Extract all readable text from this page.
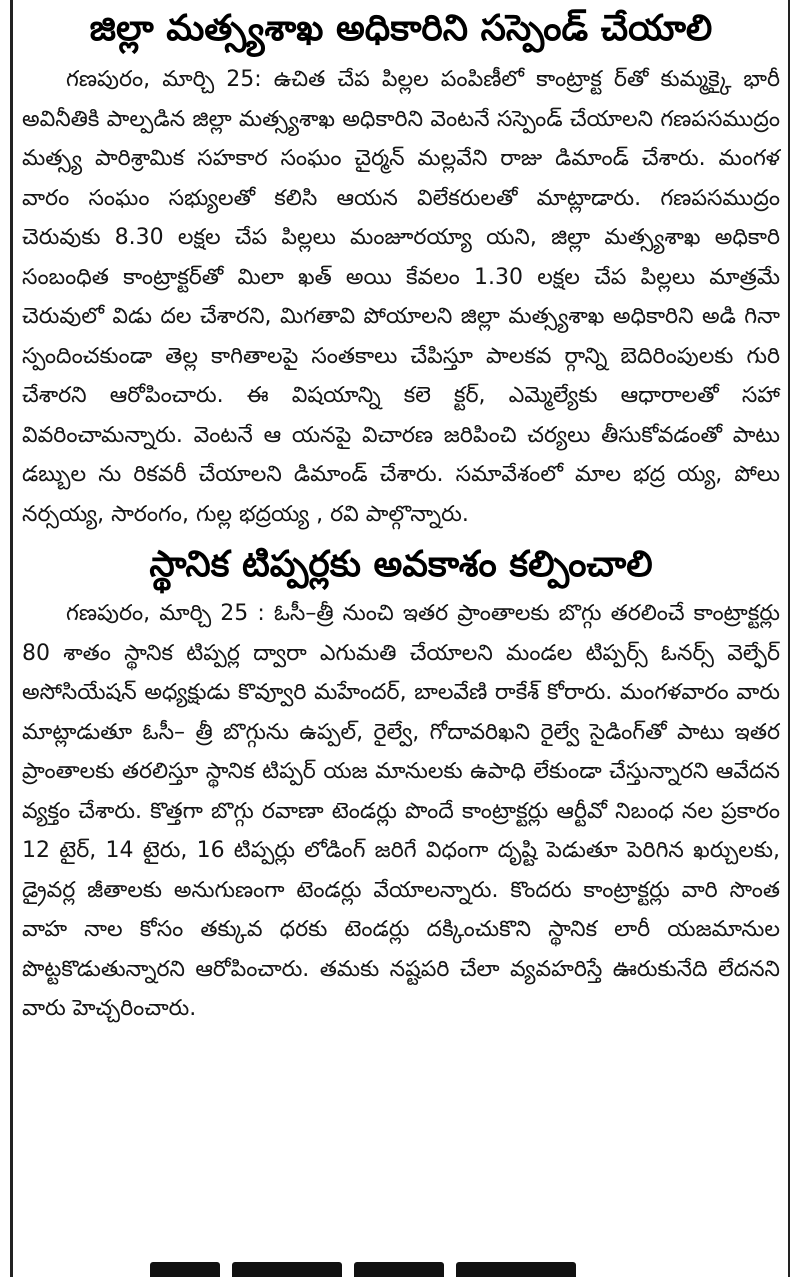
జిల్లా మత్స్యశాఖ అధికారిని సస్పెండ్ చేయాలి

గణపురం, మార్చి 25: ఉచిత చేప పిల్లల పంపిణీలో కాంట్రాక్ట ర్‌తో కుమ్మక్కై భారీ అవినీతికి పాల్పడిన జిల్లా మత్స్యశాఖ అధికారిని వెంటనే సస్పెండ్ చేయాలని గణపసముద్రం మత్స్య పారిశ్రామిక సహకార సంఘం చైర్మన్ మల్లవేని రాజు డిమాండ్ చేశారు. మంగళ వారం సంఘం సభ్యులతో కలిసి ఆయన విలేకరులతో మాట్లాడారు. గణపసముద్రం చెరువుకు 8.30 లక్షల చేప పిల్లలు మంజూరయ్యా యని, జిల్లా మత్స్యశాఖ అధికారి సంబంధిత కాంట్రాక్టర్‌తో మిలా ఖత్ అయి కేవలం 1.30 లక్షల చేప పిల్లలు మాత్రమే చెరువులో విడు దల చేశారని, మిగతావి పోయాలని జిల్లా మత్స్యశాఖ అధికారిని అడి గినా స్పందించకుండా తెల్ల కాగితాలపై సంతకాలు చేపిస్తూ పాలకవ ర్గాన్ని బెదిరింపులకు గురి చేశారని ఆరోపించారు. ఈ విషయాన్ని కలె క్టర్, ఎమ్మెల్యేకు ఆధారాలతో సహా వివరించామన్నారు. వెంటనే ఆ యనపై విచారణ జరిపించి చర్యలు తీసుకోవడంతో పాటు డబ్బుల ను రికవరీ చేయాలని డిమాండ్ చేశారు. సమావేశంలో మాల భద్ర య్య, పోలు నర్సయ్య, సారంగం, గుల్ల భద్రయ్య , రవి పాల్గొన్నారు.

స్థానిక టిప్పర్లకు అవకాశం కల్పించాలి

గణపురం, మార్చి 25 : ఓసీ–త్రీ నుంచి ఇతర ప్రాంతాలకు బొగ్గు తరలించే కాంట్రాక్టర్లు 80 శాతం స్థానిక టిప్పర్ల ద్వారా ఎగుమతి చేయాలని మండల టిప్పర్స్ ఓనర్స్ వెల్ఫేర్ అసోసియేషన్ అధ్యక్షుడు కొవ్వూరి మహేందర్, బాలవేణి రాకేశ్ కోరారు. మంగళవారం వారు మాట్లాడుతూ ఓసీ– త్రీ బొగ్గును ఉప్పల్, రైల్వే, గోదావరిఖని రైల్వే సైడింగ్‌తో పాటు ఇతర ప్రాంతాలకు తరలిస్తూ స్థానిక టిప్పర్ యజ మానులకు ఉపాధి లేకుండా చేస్తున్నారని ఆవేదన వ్యక్తం చేశారు. కొత్తగా బొగ్గు రవాణా టెండర్లు పొందే కాంట్రాక్టర్లు ఆర్టీవో నిబంధ నల ప్రకారం 12 టైర్, 14 టైరు, 16 టిప్పర్లు లోడింగ్ జరిగే విధంగా దృష్టి పెడుతూ పెరిగిన ఖర్చులకు, డ్రైవర్ల జీతాలకు అనుగుణంగా టెండర్లు వేయాలన్నారు. కొందరు కాంట్రాక్టర్లు వారి సొంత వాహ నాల కోసం తక్కువ ధరకు టెండర్లు దక్కించుకొని స్థానిక లారీ యజమానుల పొట్టకొడుతున్నారని ఆరోపించారు. తమకు నష్టపరి చేలా వ్యవహరిస్తే ఊరుకునేది లేదనని వారు హెచ్చరించారు.
